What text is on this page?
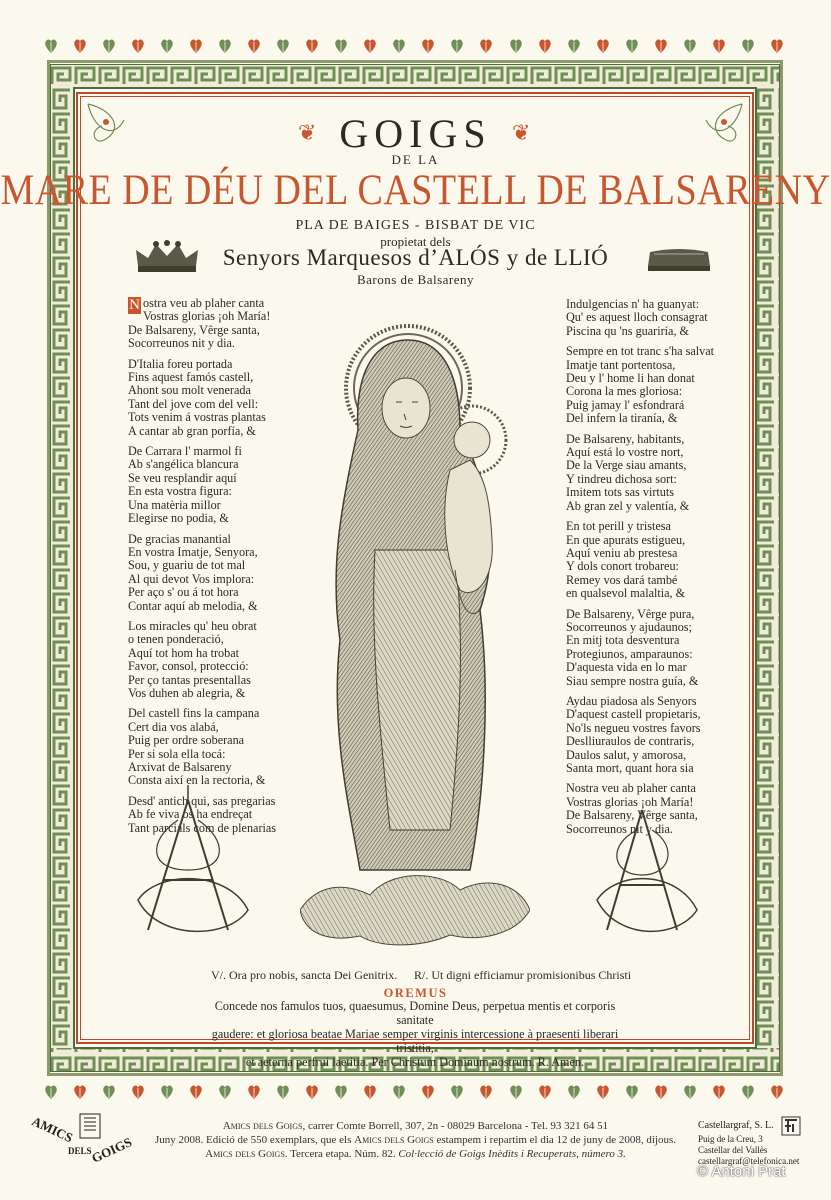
GOIGS
❦	❦
DE LA
MARE DE DÉU DEL CASTELL DE BALSARENY
PLA DE BAIGES - BISBAT DE VIC
propietat dels
Senyors Marquesos d’ALÓS y de LLIÓ
Barons de Balsareny
N ostra veu ab plaher canta
Vostras glorias ¡oh María!
De Balsareny, Vêrge santa,
Socorreunos nit y dia.
D'Italia foreu portada
Fins aquest famós castell,
Ahont sou molt venerada
Tant del jove com del vell:
Tots venim á vostras plantas
A cantar ab gran porfía, &
De Carrara l' marmol fi
Ab s'angélica blancura
Se veu resplandir aquí
En esta vostra figura:
Una matèria millor
Elegirse no podia, &
De gracias manantial
En vostra Imatje, Senyora,
Sou, y guariu de tot mal
Al qui devot Vos implora:
Per aço s' ou á tot hora
Contar aquí ab melodia, &
Los miracles qu' heu obrat
o tenen ponderació,
Aquí tot hom ha trobat
Favor, consol, protecció:
Per ço tantas presentallas
Vos duhen ab alegria, &
Del castell fins la campana
Cert dia vos alabá,
Puig per ordre soberana
Per si sola ella tocá:
Arxivat de Balsareny
Consta així en la rectoria, &
Desd' antich qui, sas pregarias
Ab fe viva os ha endreçat
Tant parcials com de plenarias
Indulgencias n' ha guanyat:
Qu' es aquest lloch consagrat
Piscina qu 'ns guariría, &
Sempre en tot tranc s'ha salvat
Imatje tant portentosa,
Deu y l' home li han donat
Corona la mes gloriosa:
Puig jamay l' esfondrará
Del infern la tiranía, &
De Balsareny, habitants,
Aquí está lo vostre nort,
De la Verge siau amants,
Y tindreu dichosa sort:
Imitem tots sas virtuts
Ab gran zel y valentía, &
En tot perill y tristesa
En que apurats estigueu,
Aquí veniu ab prestesa
Y dols conort trobareu:
Remey vos dará també
en qualsevol malaltia, &
De Balsareny, Vêrge pura,
Socorreunos y ajudaunos;
En mitj tota desventura
Protegiunos, amparaunos:
D'aquesta vida en lo mar
Siau sempre nostra guía, &
Aydau piadosa als Senyors
D'aquest castell propietaris,
No'ls negueu vostres favors
Deslliuraulos de contraris,
Daulos salut, y amorosa,
Santa mort, quant hora sia
Nostra veu ab plaher canta
Vostras glorias ¡oh María!
De Balsareny, Vêrge santa,
Socorreunos nit y dia.
V/. Ora pro nobis, sancta Dei Genitrix. R/. Ut digni efficiamur promisionibus Christi
OREMUS
Concede nos famulos tuos, quaesumus, Domine Deus, perpetua mentis et corporis sanitate
gaudere: et gloriosa beatae Mariae semper virginis intercessione à praesenti liberari tristitia,
et aeterna perfrui laetitia. Per Christum Dominum nostrum. R. Amen.
Amics dels Goigs, carrer Comte Borrell, 307, 2n - 08029 Barcelona - Tel. 93 321 64 51
Juny 2008. Edició de 550 exemplars, que els Amics dels Goigs estampem i repartim el dia 12 de juny de 2008, dijous.
Amics dels Goigs. Tercera etapa. Núm. 82. Col·lecció de Goigs Inèdits i Recuperats, número 3.
Castellargraf, S. L.
Puig de la Creu, 3
Castellar del Vallès
castellargraf@telefonica.net
AMICS
DELS
GOIGS
© Antoni Prat
